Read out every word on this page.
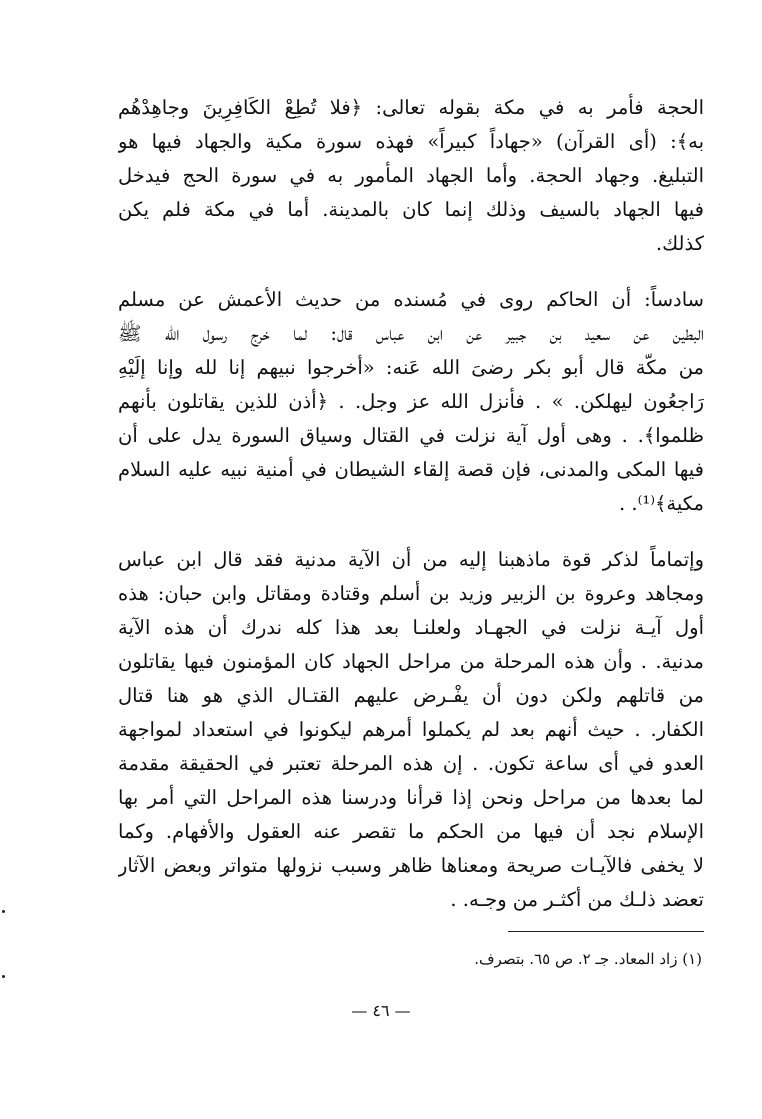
الحجة فأمر به في مكة بقوله تعالى: ﴿فلا تُطِعْ الكَافِرِينَ وجاهِدْهُم
به﴾: (أى القرآن) «جهاداً كبيراً» فهذه سورة مكية والجهاد فيها هو
التبليغ. وجهاد الحجة. وأما الجهاد المأمور به في سورة الحج فيدخل
فيها الجهاد بالسيف وذلك إنما كان بالمدينة. أما في مكة فلم يكن
كذلك.
سادساً: أن الحاكم روى في مُسنده من حديث الأعمش عن مسلم
البطين عن سعيد بن جبير عن ابن عباس قال: لما خرج رسول الله ﷺ
من مكّة قال أبو بكر رضىَ الله عَنه: «أخرجوا نبيهم إنا لله وإنا إلَيْهِ
رَاجعُون ليهلكن. » . فأنزل الله عز وجل. . ﴿أذن للذين يقاتلون بأنهم
ظلموا﴾. . وهى أول آية نزلت في القتال وسياق السورة يدل على أن
فيها المكى والمدنى، فإن قصة إلقاء الشيطان في أمنية نبيه عليه السلام
مكية﴾⁽¹⁾. .
وإتماماً لذكر قوة ماذهبنا إليه من أن الآية مدنية فقد قال ابن عباس
ومجاهد وعروة بن الزبير وزيد بن أسلم وقتادة ومقاتل وابن حبان: هذه
أول آيـة نزلت في الجهـاد ولعلنـا بعد هذا كله ندرك أن هذه الآية
مدنية. . وأن هذه المرحلة من مراحل الجهاد كان المؤمنون فيها يقاتلون
من قاتلهم ولكن دون أن يفْـرض عليهم القتـال الذي هو هنا قتال
الكفار. . حيث أنهم بعد لم يكملوا أمرهم ليكونوا في استعداد لمواجهة
العدو في أى ساعة تكون. . إن هذه المرحلة تعتبر في الحقيقة مقدمة
لما بعدها من مراحل ونحن إذا قرأنا ودرسنا هذه المراحل التي أمر بها
الإسلام نجد أن فيها من الحكم ما تقصر عنه العقول والأفهام. وكما
لا يخفى فالآيـات صريحة ومعناها ظاهر وسبب نزولها متواتر وبعض الآثار
تعضد ذلـك من أكثـر من وجـه. .
(١) زاد المعاد. جـ ٢. ص ٦٥. بتصرف.
— ٤٦ —
